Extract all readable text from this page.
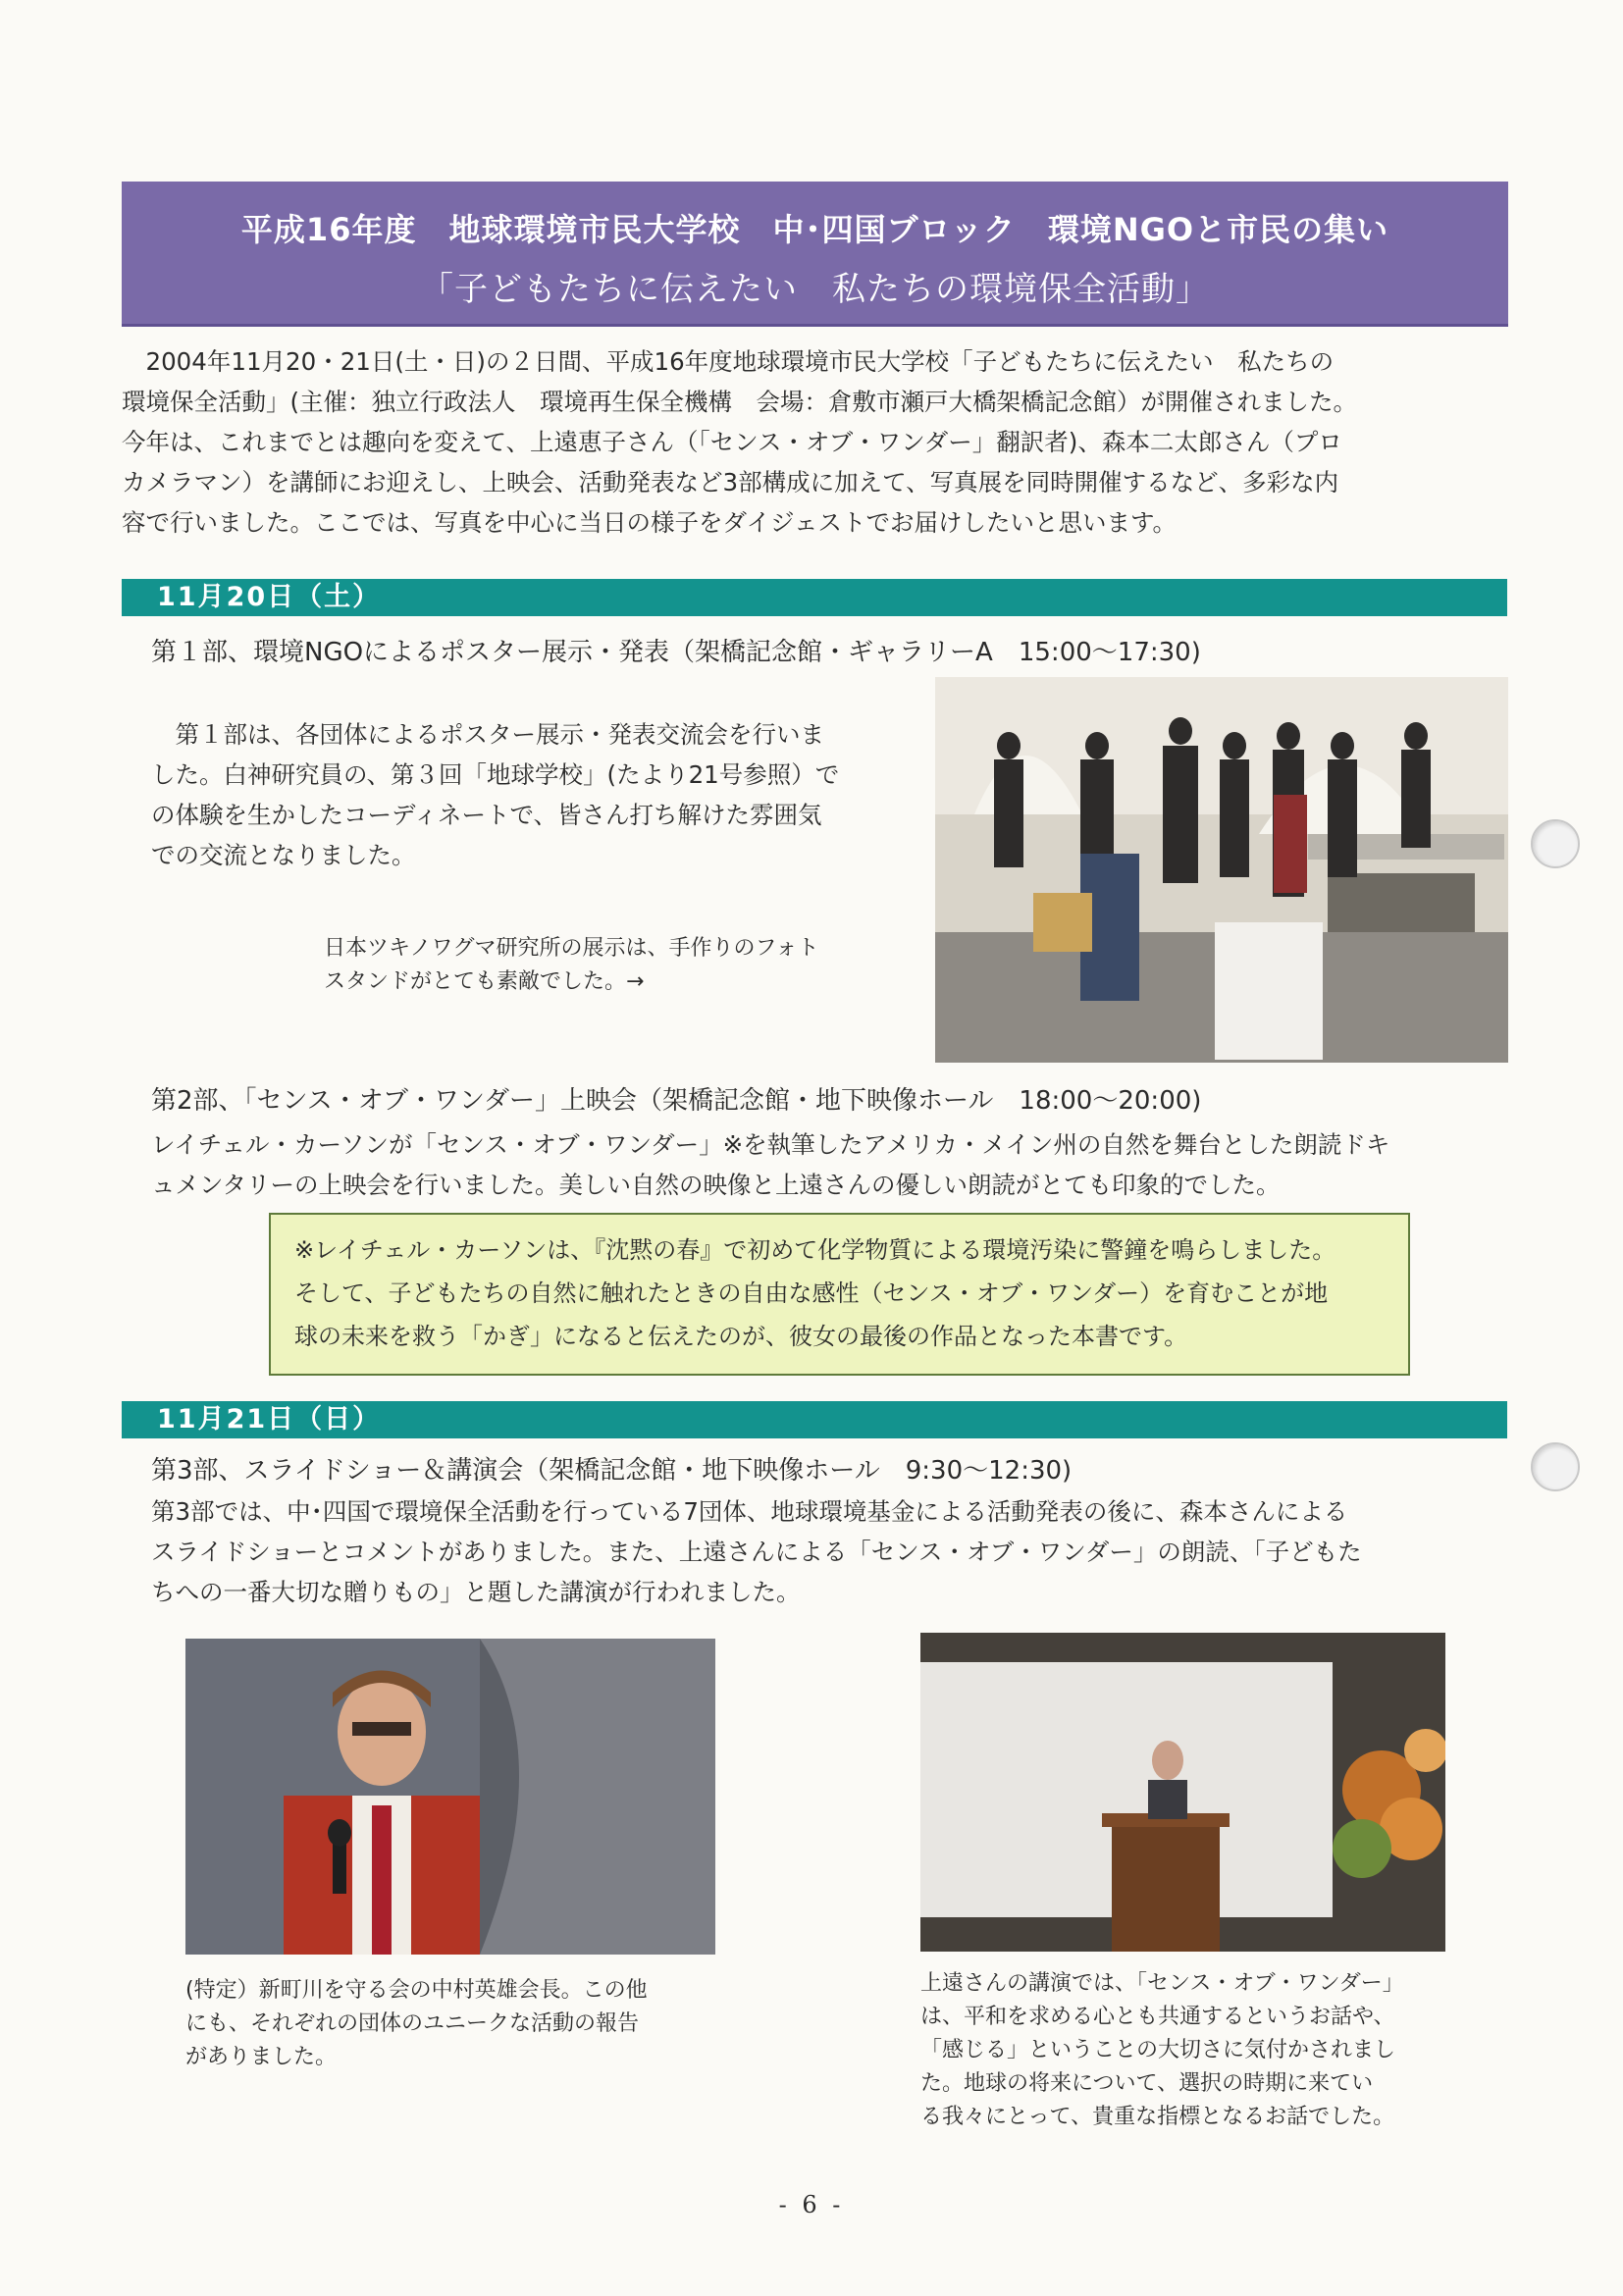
平成16年度　地球環境市民大学校　中･四国ブロック　環境NGOと市民の集い
「子どもたちに伝えたい　私たちの環境保全活動」

　2004年11月20・21日(土・日)の２日間、平成16年度地球環境市民大学校「子どもたちに伝えたい　私たちの
環境保全活動」(主催：独立行政法人　環境再生保全機構　会場：倉敷市瀬戸大橋架橋記念館）が開催されました。
今年は、これまでとは趣向を変えて、上遠恵子さん（「センス・オブ・ワンダー」翻訳者)、森本二太郎さん（プロ
カメラマン）を講師にお迎えし、上映会、活動発表など3部構成に加えて、写真展を同時開催するなど、多彩な内
容で行いました。ここでは、写真を中心に当日の様子をダイジェストでお届けしたいと思います。

11月20日（土）
第１部、環境NGOによるポスター展示・発表（架橋記念館・ギャラリーA　15:00〜17:30)

　第１部は、各団体によるポスター展示・発表交流会を行いま
した。白神研究員の、第３回「地球学校」(たより21号参照）で
の体験を生かしたコーディネートで、皆さん打ち解けた雰囲気
での交流となりました。

日本ツキノワグマ研究所の展示は、手作りのフォト
スタンドがとても素敵でした。→

第2部、「センス・オブ・ワンダー」上映会（架橋記念館・地下映像ホール　18:00〜20:00)

レイチェル・カーソンが「センス・オブ・ワンダー」※を執筆したアメリカ・メイン州の自然を舞台とした朗読ドキ
ュメンタリーの上映会を行いました。美しい自然の映像と上遠さんの優しい朗読がとても印象的でした。

※レイチェル・カーソンは、『沈黙の春』で初めて化学物質による環境汚染に警鐘を鳴らしました。
そして、子どもたちの自然に触れたときの自由な感性（センス・オブ・ワンダー）を育むことが地
球の未来を救う「かぎ」になると伝えたのが、彼女の最後の作品となった本書です。

11月21日（日）
第3部、スライドショー＆講演会（架橋記念館・地下映像ホール　9:30〜12:30)

第3部では、中･四国で環境保全活動を行っている7団体、地球環境基金による活動発表の後に、森本さんによる
スライドショーとコメントがありました。また、上遠さんによる「センス・オブ・ワンダー」の朗読、「子どもた
ちへの一番大切な贈りもの」と題した講演が行われました。

(特定）新町川を守る会の中村英雄会長。この他
にも、それぞれの団体のユニークな活動の報告
がありました。

上遠さんの講演では、｢センス・オブ・ワンダー」
は、平和を求める心とも共通するというお話や、
「感じる」ということの大切さに気付かされまし
た。地球の将来について、選択の時期に来てい
る我々にとって、貴重な指標となるお話でした。

- 6 -
